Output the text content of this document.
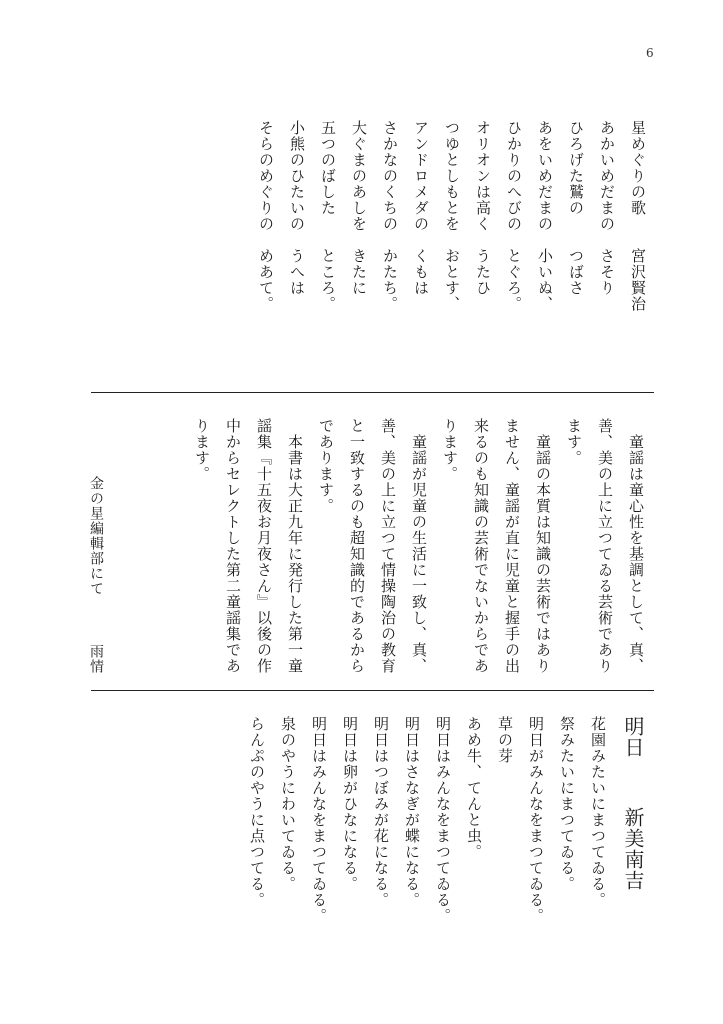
6
星めぐりの歌　　宮沢賢治
あかいめだまの　さそり
ひろげた鷲の　　つばさ
あをいめだまの　小いぬ、
ひかりのへびの　とぐろ。
オリオンは高く　うたひ
つゆとしもとを　おとす、
アンドロメダの　くもは
さかなのくちの　かたち。
大ぐまのあしを　きたに
五つのばした　　ところ。
小熊のひたいの　うへは
そらのめぐりの　めあて。
　童謡は童心性を基調として、真、
善、美の上に立つてゐる芸術であり
ます。
　童謡の本質は知識の芸術ではあり
ません、童謡が直に児童と握手の出
来るのも知識の芸術でないからであ
ります。
　童謡が児童の生活に一致し、真、
善、美の上に立つて情操陶治の教育
と一致するのも超知識的であるから
であります。
　本書は大正九年に発行した第一童
謡集『十五夜お月夜さん』以後の作
中からセレクトした第二童謡集であ
ります。
金の星編輯部にて
雨情
明日
新美南吉
花園みたいにまつてゐる。
祭みたいにまつてゐる。
明日がみんなをまつてゐる。
草の芽
あめ牛、てんと虫。
明日はみんなをまつてゐる。
明日はさなぎが蝶になる。
明日はつぼみが花になる。
明日は卵がひなになる。
明日はみんなをまつてゐる。
泉のやうにわいてゐる。
らんぷのやうに点つてる。
